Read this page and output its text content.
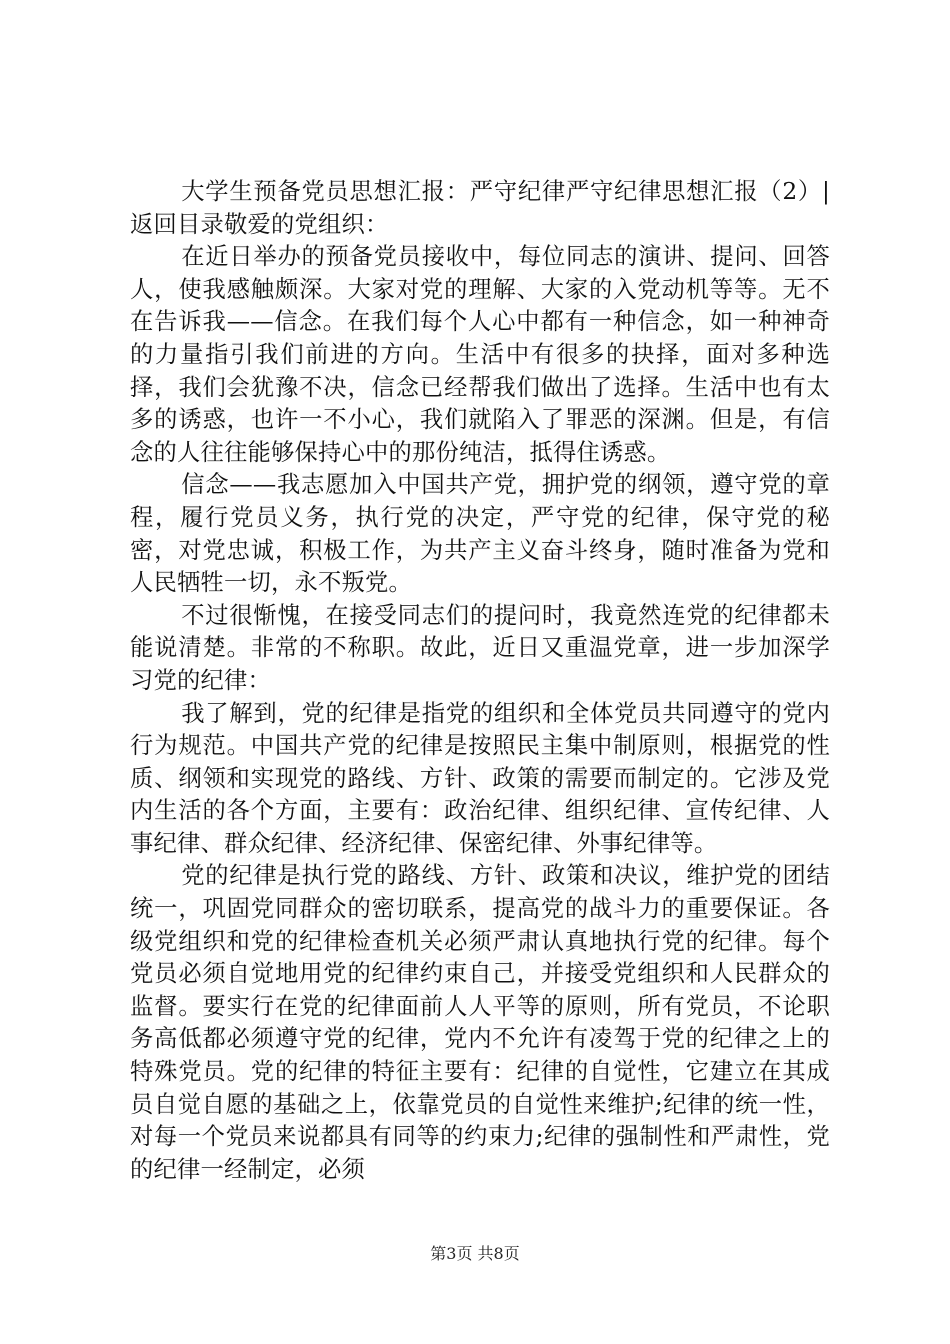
大学生预备党员思想汇报：严守纪律严守纪律思想汇报（2）|返回目录敬爱的党组织：

在近日举办的预备党员接收中，每位同志的演讲、提问、回答人，使我感触颇深。大家对党的理解、大家的入党动机等等。无不在告诉我——信念。在我们每个人心中都有一种信念，如一种神奇的力量指引我们前进的方向。生活中有很多的抉择，面对多种选择，我们会犹豫不决，信念已经帮我们做出了选择。生活中也有太多的诱惑，也许一不小心，我们就陷入了罪恶的深渊。但是，有信念的人往往能够保持心中的那份纯洁，抵得住诱惑。

信念——我志愿加入中国共产党，拥护党的纲领，遵守党的章程，履行党员义务，执行党的决定，严守党的纪律，保守党的秘密，对党忠诚，积极工作，为共产主义奋斗终身，随时准备为党和人民牺牲一切，永不叛党。

不过很惭愧，在接受同志们的提问时，我竟然连党的纪律都未能说清楚。非常的不称职。故此，近日又重温党章，进一步加深学习党的纪律：

我了解到，党的纪律是指党的组织和全体党员共同遵守的党内行为规范。中国共产党的纪律是按照民主集中制原则，根据党的性质、纲领和实现党的路线、方针、政策的需要而制定的。它涉及党内生活的各个方面，主要有：政治纪律、组织纪律、宣传纪律、人事纪律、群众纪律、经济纪律、保密纪律、外事纪律等。

党的纪律是执行党的路线、方针、政策和决议，维护党的团结统一，巩固党同群众的密切联系，提高党的战斗力的重要保证。各级党组织和党的纪律检查机关必须严肃认真地执行党的纪律。每个党员必须自觉地用党的纪律约束自己，并接受党组织和人民群众的监督。要实行在党的纪律面前人人平等的原则，所有党员，不论职务高低都必须遵守党的纪律，党内不允许有凌驾于党的纪律之上的特殊党员。党的纪律的特征主要有：纪律的自觉性，它建立在其成员自觉自愿的基础之上，依靠党员的自觉性来维护;纪律的统一性，对每一个党员来说都具有同等的约束力;纪律的强制性和严肃性，党的纪律一经制定，必须

第3页 共8页
